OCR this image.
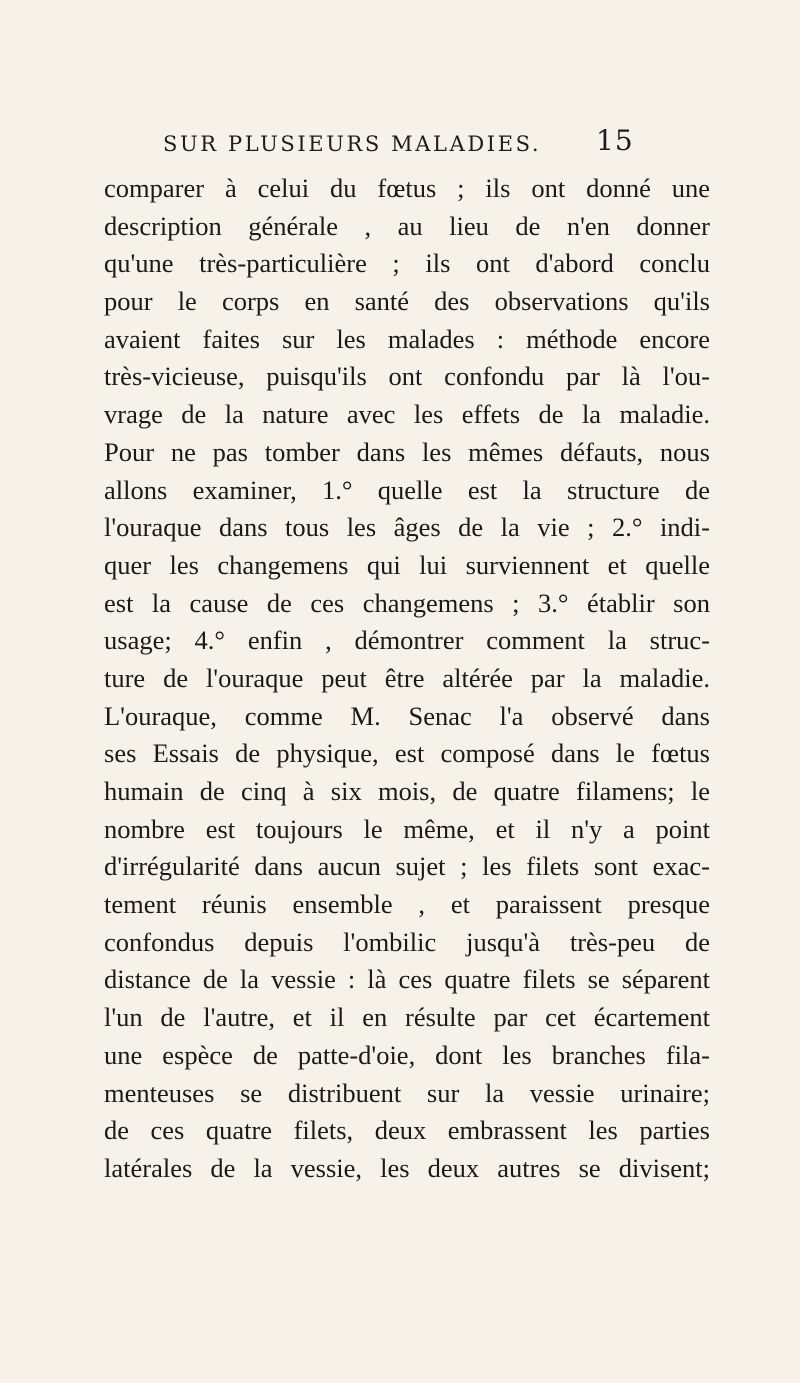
SUR PLUSIEURS MALADIES. 15
comparer à celui du fœtus ; ils ont donné une
description générale , au lieu de n'en donner
qu'une très-particulière ; ils ont d'abord conclu
pour le corps en santé des observations qu'ils
avaient faites sur les malades : méthode encore
très-vicieuse, puisqu'ils ont confondu par là l'ou-
vrage de la nature avec les effets de la maladie.
Pour ne pas tomber dans les mêmes défauts, nous
allons examiner, 1.° quelle est la structure de
l'ouraque dans tous les âges de la vie ; 2.° indi-
quer les changemens qui lui surviennent et quelle
est la cause de ces changemens ; 3.° établir son
usage; 4.° enfin , démontrer comment la struc-
ture de l'ouraque peut être altérée par la maladie.
L'ouraque, comme M. Senac l'a observé dans
ses Essais de physique, est composé dans le fœtus
humain de cinq à six mois, de quatre filamens; le
nombre est toujours le même, et il n'y a point
d'irrégularité dans aucun sujet ; les filets sont exac-
tement réunis ensemble , et paraissent presque
confondus depuis l'ombilic jusqu'à très-peu de
distance de la vessie : là ces quatre filets se séparent
l'un de l'autre, et il en résulte par cet écartement
une espèce de patte-d'oie, dont les branches fila-
menteuses se distribuent sur la vessie urinaire;
de ces quatre filets, deux embrassent les parties
latérales de la vessie, les deux autres se divisent;
